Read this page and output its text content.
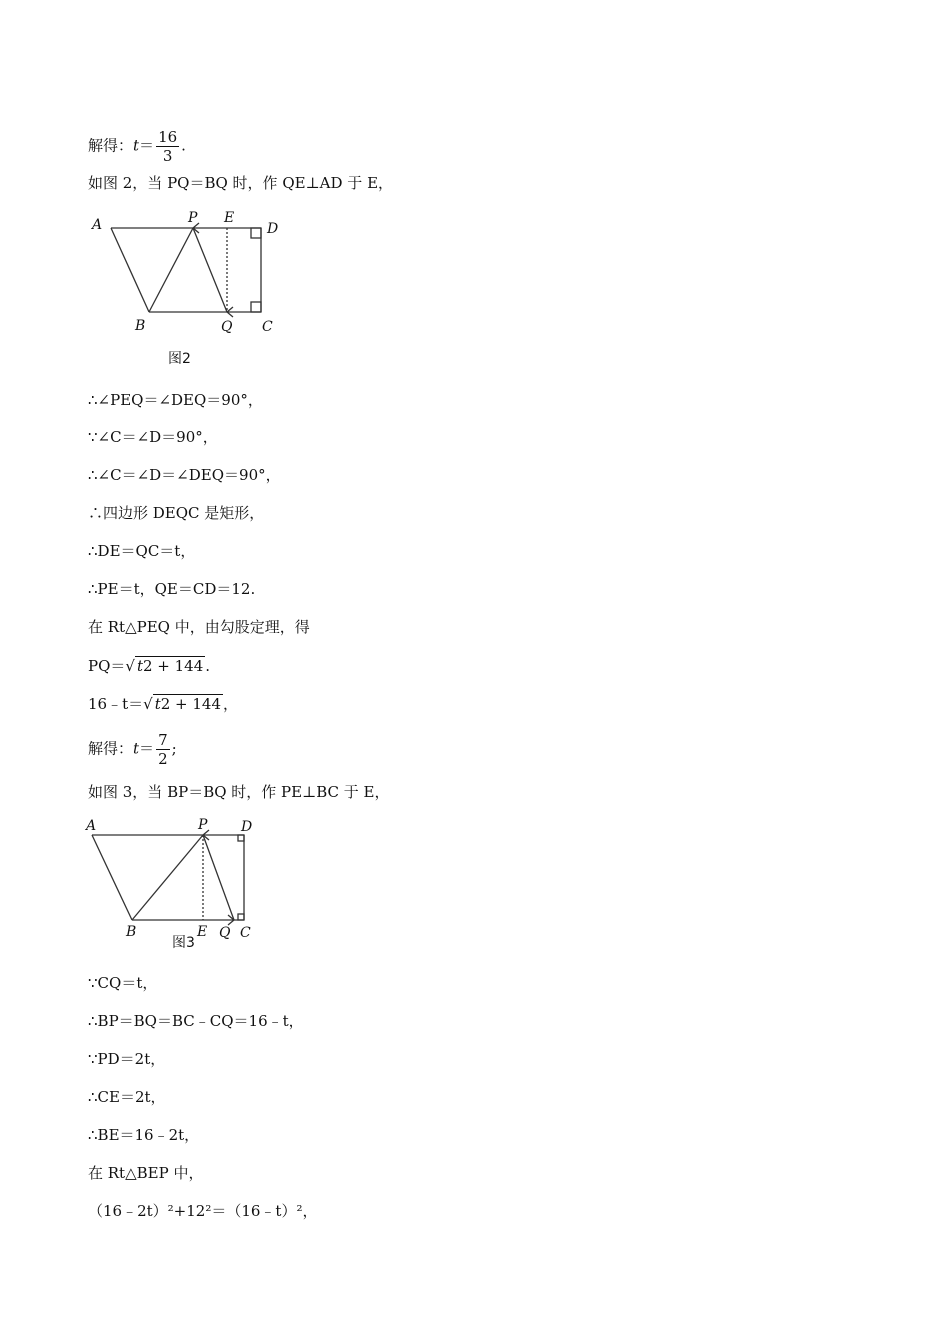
解得：$t= \frac{16}{3}$ .
如图 2，当 PQ＝BQ 时，作 QE⊥AD 于 E，
A	P E
D
B	Q C
图2
∴∠PEQ＝∠DEQ＝90°，
∵∠C＝∠D＝90°，
∴∠C＝∠D＝∠DEQ＝90°，
∴四边形 DEQC 是矩形，
∴DE＝QC＝t，
∴PE＝t，QE＝CD＝12.
在 Rt△PEQ 中，由勾股定理，得
PQ＝√ t2 + 144 .
16﹣t＝√ t2 + 144 ，
解得：$t= \frac{7}{2}$ ;
如图 3，当 BP＝BQ 时，作 PE⊥BC 于 E，
A	P D
B	E Q C
图3
∵CQ＝t，
∴BP＝BQ＝BC﹣CQ＝16﹣t，
∵PD＝2t，
∴CE＝2t，
∴BE＝16﹣2t，
在 Rt△BEP 中，
（16﹣2t）²+12²＝（16﹣t）²，
